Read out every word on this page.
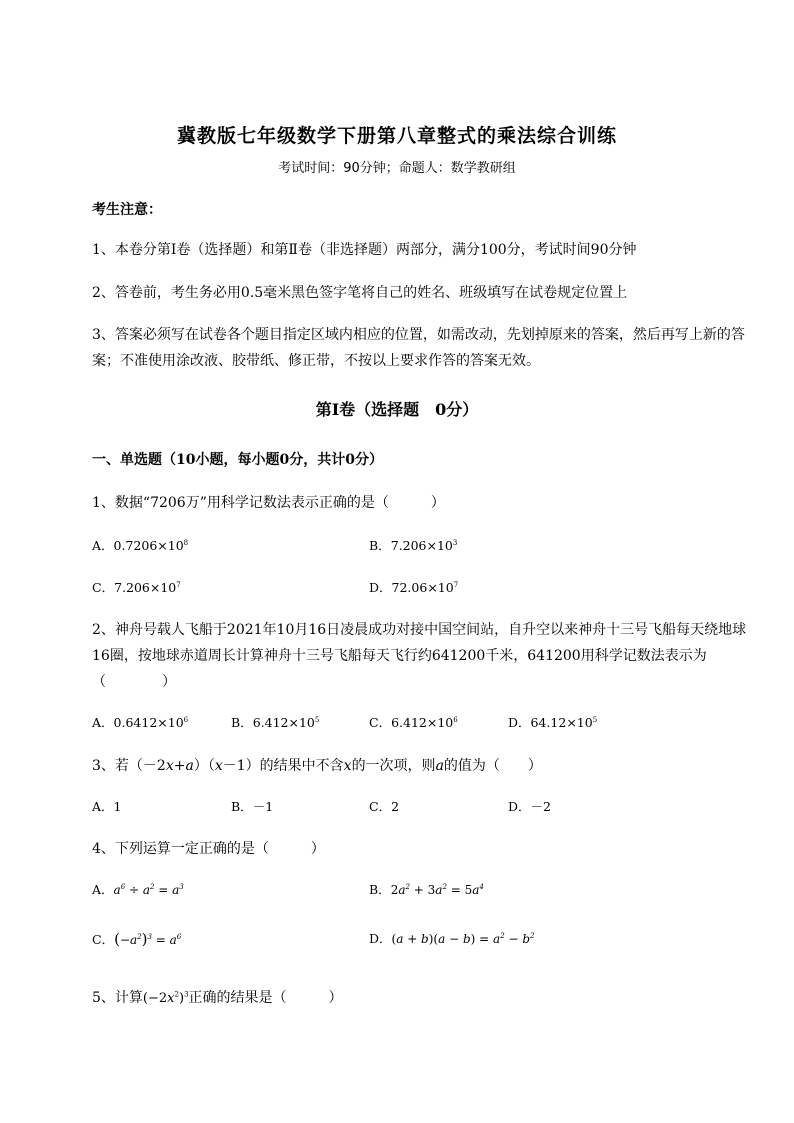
冀教版七年级数学下册第八章整式的乘法综合训练
考试时间：90分钟；命题人：数学教研组
考生注意：
1、本卷分第I卷（选择题）和第Ⅱ卷（非选择题）两部分，满分100分，考试时间90分钟
2、答卷前，考生务必用0.5毫米黑色签字笔将自己的姓名、班级填写在试卷规定位置上
3、答案必须写在试卷各个题目指定区域内相应的位置，如需改动，先划掉原来的答案，然后再写上新的答案；不准使用涂改液、胶带纸、修正带，不按以上要求作答的答案无效。
第I卷（选择题　0分）
一、单选题（10小题，每小题0分，共计0分）
1、数据“7206万”用科学记数法表示正确的是（　　　）
A．$0.7206\times 10^8$	B．$7.206\times 10^3$
C．$7.206\times 10^7$	D．$72.06\times 10^7$
2、神舟号载人飞船于2021年10月16日凌晨成功对接中国空间站，自升空以来神舟十三号飞船每天绕地球16圈，按地球赤道周长计算神舟十三号飞船每天飞行约641200千米，641200用科学记数法表示为（　　　　）
A．$0.6412\times 10^6$	B．$6.412\times 10^5$	C．$6.412\times 10^6$	D．$64.12\times 10^5$
3、若（－2x+a）（x－1）的结果中不含x的一次项，则a的值为（　　）
A．1	B．－1	C．2	D．－2
4、下列运算一定正确的是（　　　）
A．$a^6 \div a^2 = a^3$	B．$2a^2 + 3a^2 = 5a^4$
C．$(-a^2)^3 = a^6$	D．$(a + b)(a - b) = a^2 - b^2$
5、计算$(-2x^2)^3$正确的结果是（　　　）
